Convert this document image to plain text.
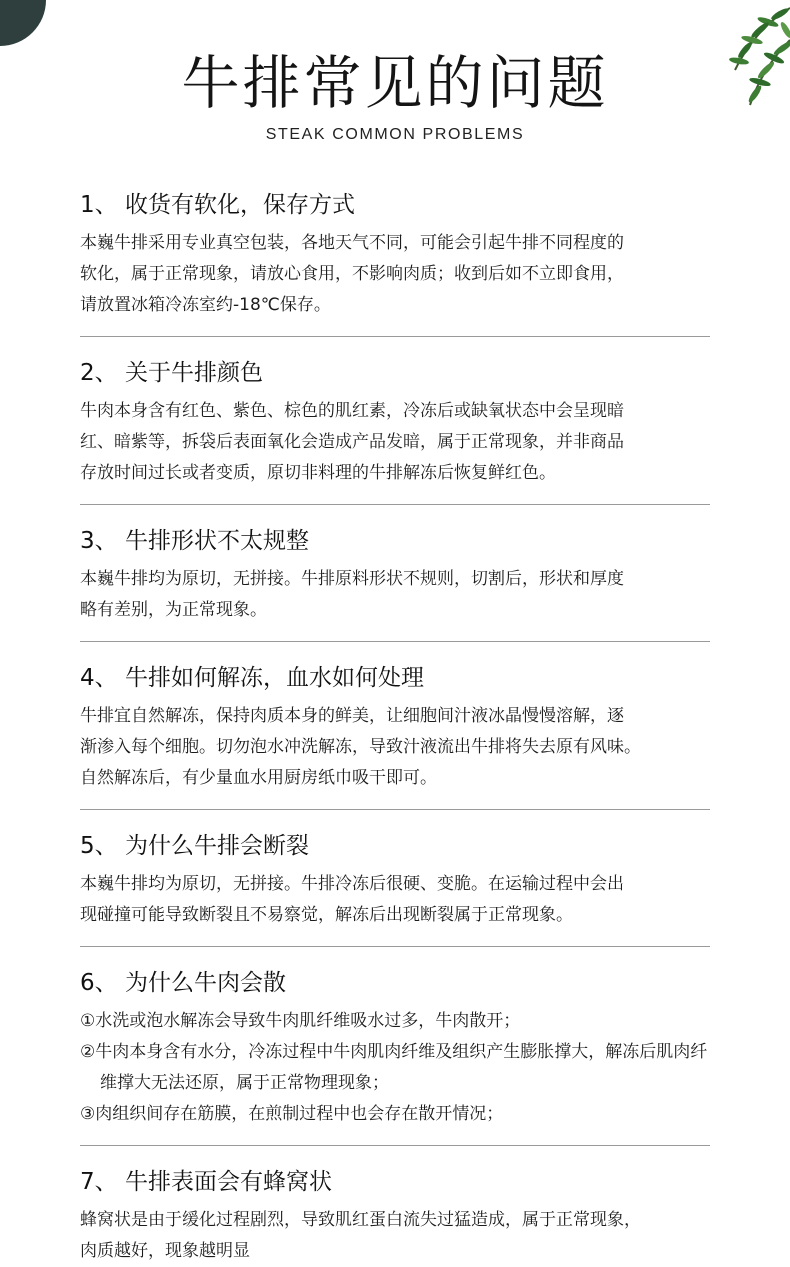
牛排常见的问题
STEAK COMMON PROBLEMS
1、 收货有软化，保存方式

本巍牛排采用专业真空包装，各地天气不同，可能会引起牛排不同程度的

软化，属于正常现象，请放心食用，不影响肉质；收到后如不立即食用，

请放置冰箱冷冻室约-18℃保存。

2、 关于牛排颜色

牛肉本身含有红色、紫色、棕色的肌红素，冷冻后或缺氧状态中会呈现暗

红、暗紫等，拆袋后表面氧化会造成产品发暗，属于正常现象，并非商品

存放时间过长或者变质，原切非料理的牛排解冻后恢复鲜红色。

3、 牛排形状不太规整

本巍牛排均为原切，无拼接。牛排原料形状不规则，切割后，形状和厚度

略有差别，为正常现象。

4、 牛排如何解冻，血水如何处理

牛排宜自然解冻，保持肉质本身的鲜美，让细胞间汁液冰晶慢慢溶解，逐

渐渗入每个细胞。切勿泡水冲洗解冻，导致汁液流出牛排将失去原有风味。

自然解冻后，有少量血水用厨房纸巾吸干即可。

5、 为什么牛排会断裂

本巍牛排均为原切，无拼接。牛排冷冻后很硬、变脆。在运输过程中会出

现碰撞可能导致断裂且不易察觉，解冻后出现断裂属于正常现象。

6、 为什么牛肉会散

①水洗或泡水解冻会导致牛肉肌纤维吸水过多，牛肉散开；

②牛肉本身含有水分，冷冻过程中牛肉肌肉纤维及组织产生膨胀撑大，解冻后肌肉纤维撑大无法还原，属于正常物理现象；

③肉组织间存在筋膜，在煎制过程中也会存在散开情况；

7、 牛排表面会有蜂窝状

蜂窝状是由于缓化过程剧烈，导致肌红蛋白流失过猛造成，属于正常现象，

肉质越好，现象越明显
